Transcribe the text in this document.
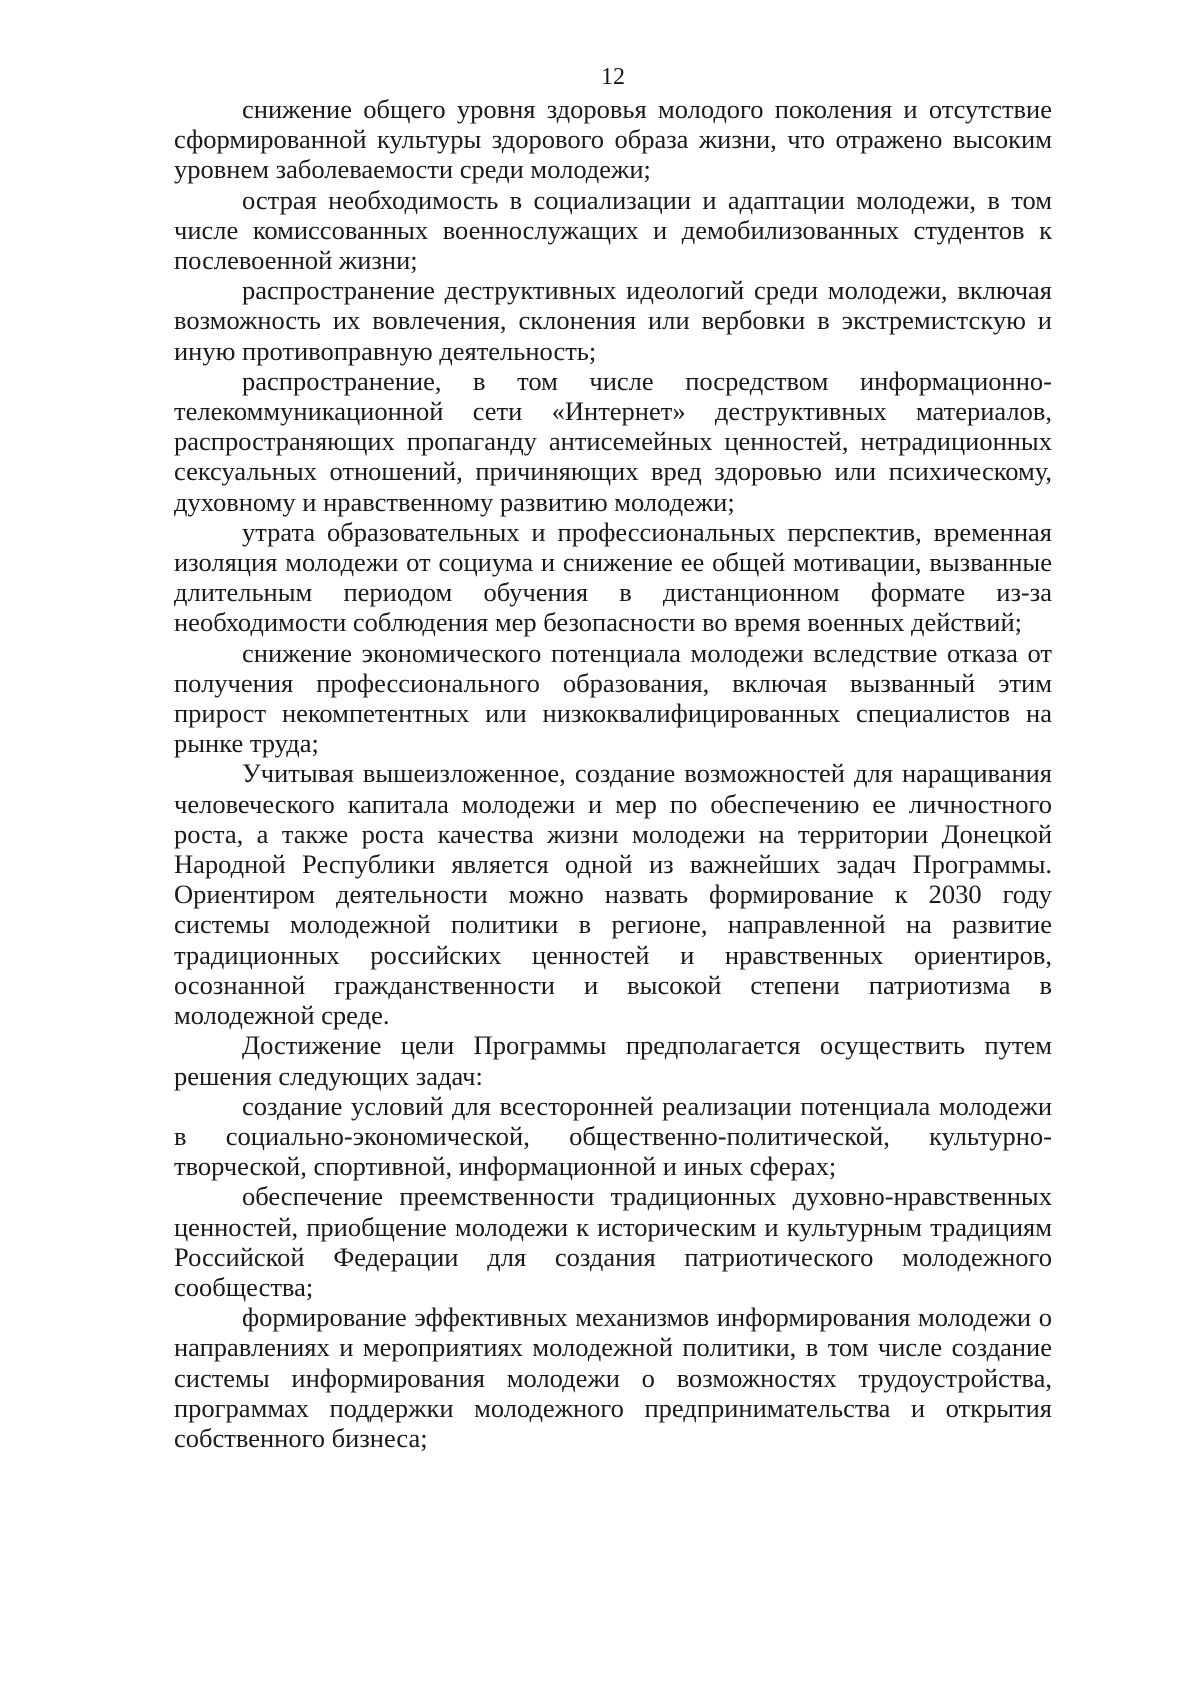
12

снижение общего уровня здоровья молодого поколения и отсутствие сформированной культуры здорового образа жизни, что отражено высоким уровнем заболеваемости среди молодежи;

острая необходимость в социализации и адаптации молодежи, в том числе комиссованных военнослужащих и демобилизованных студентов к послевоенной жизни;

распространение деструктивных идеологий среди молодежи, включая возможность их вовлечения, склонения или вербовки в экстремистскую и иную противоправную деятельность;

распространение, в том числе посредством информационно-телекоммуникационной сети «Интернет» деструктивных материалов, распространяющих пропаганду антисемейных ценностей, нетрадиционных сексуальных отношений, причиняющих вред здоровью или психическому, духовному и нравственному развитию молодежи;

утрата образовательных и профессиональных перспектив, временная изоляция молодежи от социума и снижение ее общей мотивации, вызванные длительным периодом обучения в дистанционном формате из-за необходимости соблюдения мер безопасности во время военных действий;

снижение экономического потенциала молодежи вследствие отказа от получения профессионального образования, включая вызванный этим прирост некомпетентных или низкоквалифицированных специалистов на рынке труда;

Учитывая вышеизложенное, создание возможностей для наращивания человеческого капитала молодежи и мер по обеспечению ее личностного роста, а также роста качества жизни молодежи на территории Донецкой Народной Республики является одной из важнейших задач Программы. Ориентиром деятельности можно назвать формирование к 2030 году системы молодежной политики в регионе, направленной на развитие традиционных российских ценностей и нравственных ориентиров, осознанной гражданственности и высокой степени патриотизма в молодежной среде.

Достижение цели Программы предполагается осуществить путем решения следующих задач:

создание условий для всесторонней реализации потенциала молодежи в социально-экономической, общественно-политической, культурно-творческой, спортивной, информационной и иных сферах;

обеспечение преемственности традиционных духовно-нравственных ценностей, приобщение молодежи к историческим и культурным традициям Российской Федерации для создания патриотического молодежного сообщества;

формирование эффективных механизмов информирования молодежи о направлениях и мероприятиях молодежной политики, в том числе создание системы информирования молодежи о возможностях трудоустройства, программах поддержки молодежного предпринимательства и открытия собственного бизнеса;
